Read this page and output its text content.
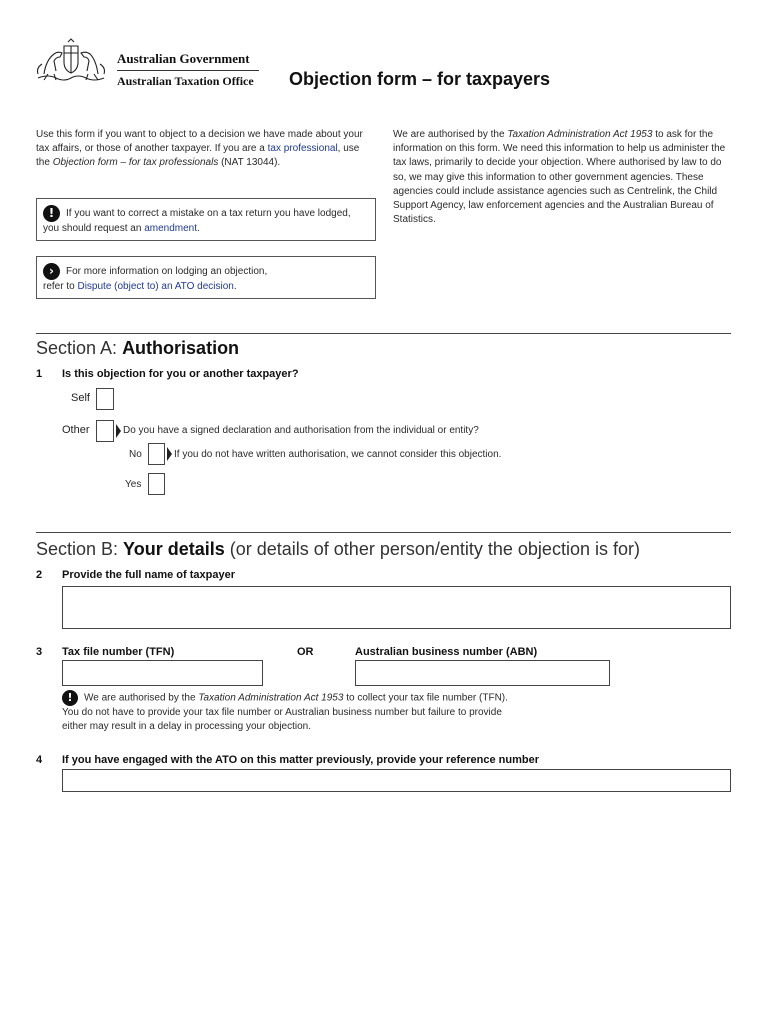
Australian Government
Australian Taxation Office Objection form – for taxpayers
Use this form if you want to object to a decision we have made about your tax affairs, or those of another taxpayer. If you are a tax professional, use the Objection form – for tax professionals (NAT 13044).
We are authorised by the Taxation Administration Act 1953 to ask for the information on this form. We need this information to help us administer the tax laws, primarily to decide your objection. Where authorised by law to do so, we may give this information to other government agencies. These agencies could include assistance agencies such as Centrelink, the Child Support Agency, law enforcement agencies and the Australian Bureau of Statistics.
! If you want to correct a mistake on a tax return you have lodged, you should request an amendment.
› For more information on lodging an objection,
refer to Dispute (object to) an ATO decision.
Section A: Authorisation
1 Is this objection for you or another taxpayer?
Self
Other	Do you have a signed declaration and authorisation from the individual or entity?
No	If you do not have written authorisation, we cannot consider this objection.
Yes
Section B: Your details (or details of other person/entity the objection is for)
2 Provide the full name of taxpayer
3 Tax file number (TFN)	OR	Australian business number (ABN)
! We are authorised by the Taxation Administration Act 1953 to collect your tax file number (TFN).
You do not have to provide your tax file number or Australian business number but failure to provide
either may result in a delay in processing your objection.
4 If you have engaged with the ATO on this matter previously, provide your reference number
